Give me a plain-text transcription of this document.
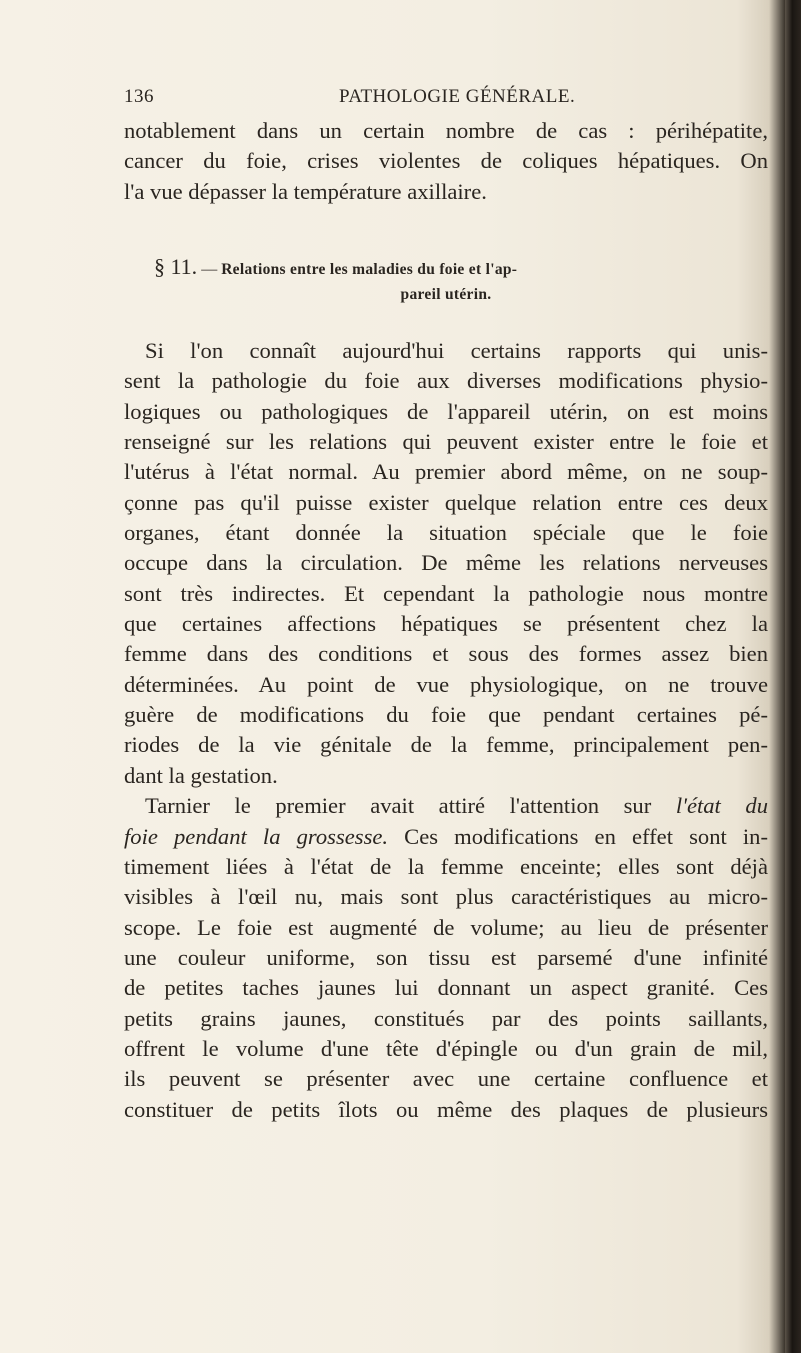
136	PATHOLOGIE GÉNÉRALE.
notablement dans un certain nombre de cas : périhépatite,
cancer du foie, crises violentes de coliques hépatiques. On
l'a vue dépasser la température axillaire.
§ 11. — Relations entre les maladies du foie et l'ap-
pareil utérin.
Si l'on connaît aujourd'hui certains rapports qui unis-
sent la pathologie du foie aux diverses modifications physio-
logiques ou pathologiques de l'appareil utérin, on est moins
renseigné sur les relations qui peuvent exister entre le foie et
l'utérus à l'état normal. Au premier abord même, on ne soup-
çonne pas qu'il puisse exister quelque relation entre ces deux
organes, étant donnée la situation spéciale que le foie
occupe dans la circulation. De même les relations nerveuses
sont très indirectes. Et cependant la pathologie nous montre
que certaines affections hépatiques se présentent chez la
femme dans des conditions et sous des formes assez bien
déterminées. Au point de vue physiologique, on ne trouve
guère de modifications du foie que pendant certaines pé-
riodes de la vie génitale de la femme, principalement pen-
dant la gestation.
Tarnier le premier avait attiré l'attention sur l'état du
foie pendant la grossesse. Ces modifications en effet sont in-
timement liées à l'état de la femme enceinte; elles sont déjà
visibles à l'œil nu, mais sont plus caractéristiques au micro-
scope. Le foie est augmenté de volume; au lieu de présenter
une couleur uniforme, son tissu est parsemé d'une infinité
de petites taches jaunes lui donnant un aspect granité. Ces
petits grains jaunes, constitués par des points saillants,
offrent le volume d'une tête d'épingle ou d'un grain de mil,
ils peuvent se présenter avec une certaine confluence et
constituer de petits îlots ou même des plaques de plusieurs
